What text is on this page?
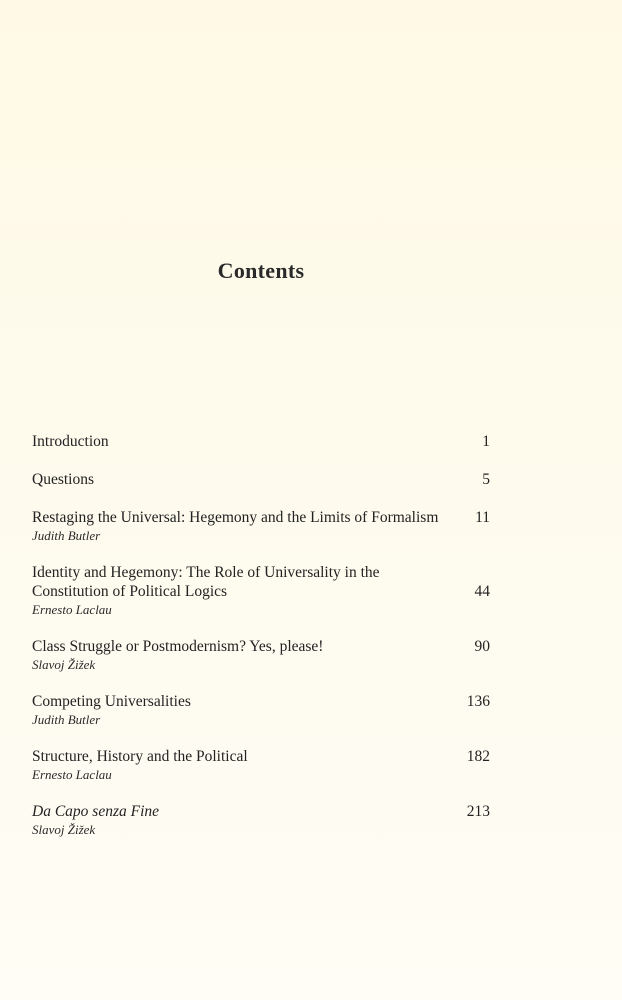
Contents
Introduction	1
Questions	5
Restaging the Universal: Hegemony and the Limits of Formalism	11
Judith Butler
Identity and Hegemony: The Role of Universality in the
Constitution of Political Logics	44
Ernesto Laclau
Class Struggle or Postmodernism? Yes, please!	90
Slavoj Žižek
Competing Universalities	136
Judith Butler
Structure, History and the Political	182
Ernesto Laclau
Da Capo senza Fine	213
Slavoj Žižek
